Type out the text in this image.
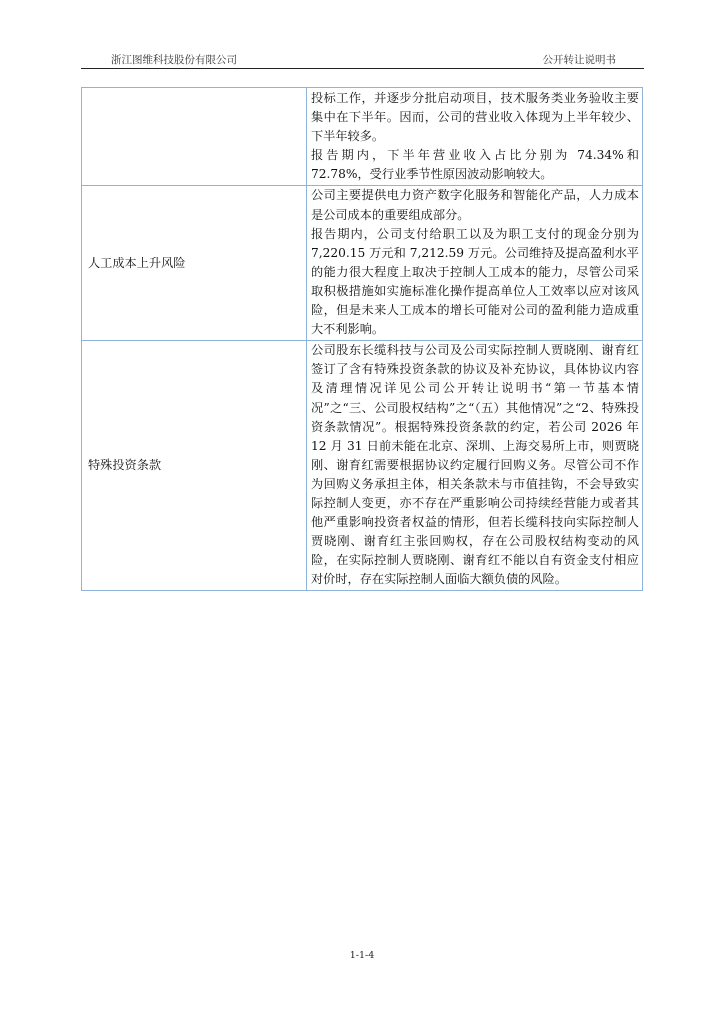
浙江图维科技股份有限公司	公开转让说明书

	投标工作，并逐步分批启动项目，技术服务类业务验收主要集中在下半年。因而，公司的营业收入体现为上半年较少、下半年较多。

报告期内，下半年营业收入占比分别为 74.34%和 72.78%，受行业季节性原因波动影响较大。

人工成本上升风险	公司主要提供电力资产数字化服务和智能化产品，人力成本是公司成本的重要组成部分。

报告期内，公司支付给职工以及为职工支付的现金分别为 7,220.15 万元和 7,212.59 万元。公司维持及提高盈利水平的能力很大程度上取决于控制人工成本的能力，尽管公司采取积极措施如实施标准化操作提高单位人工效率以应对该风险，但是未来人工成本的增长可能对公司的盈利能力造成重大不利影响。

特殊投资条款	公司股东长缆科技与公司及公司实际控制人贾晓刚、谢育红签订了含有特殊投资条款的协议及补充协议，具体协议内容及清理情况详见公司公开转让说明书“第一节基本情况”之“三、公司股权结构”之“（五）其他情况”之“2、特殊投资条款情况”。根据特殊投资条款的约定，若公司 2026 年 12 月 31 日前未能在北京、深圳、上海交易所上市，则贾晓刚、谢育红需要根据协议约定履行回购义务。尽管公司不作为回购义务承担主体，相关条款未与市值挂钩，不会导致实际控制人变更，亦不存在严重影响公司持续经营能力或者其他严重影响投资者权益的情形，但若长缆科技向实际控制人贾晓刚、谢育红主张回购权，存在公司股权结构变动的风险，在实际控制人贾晓刚、谢育红不能以自有资金支付相应对价时，存在实际控制人面临大额负债的风险。

1-1-4
